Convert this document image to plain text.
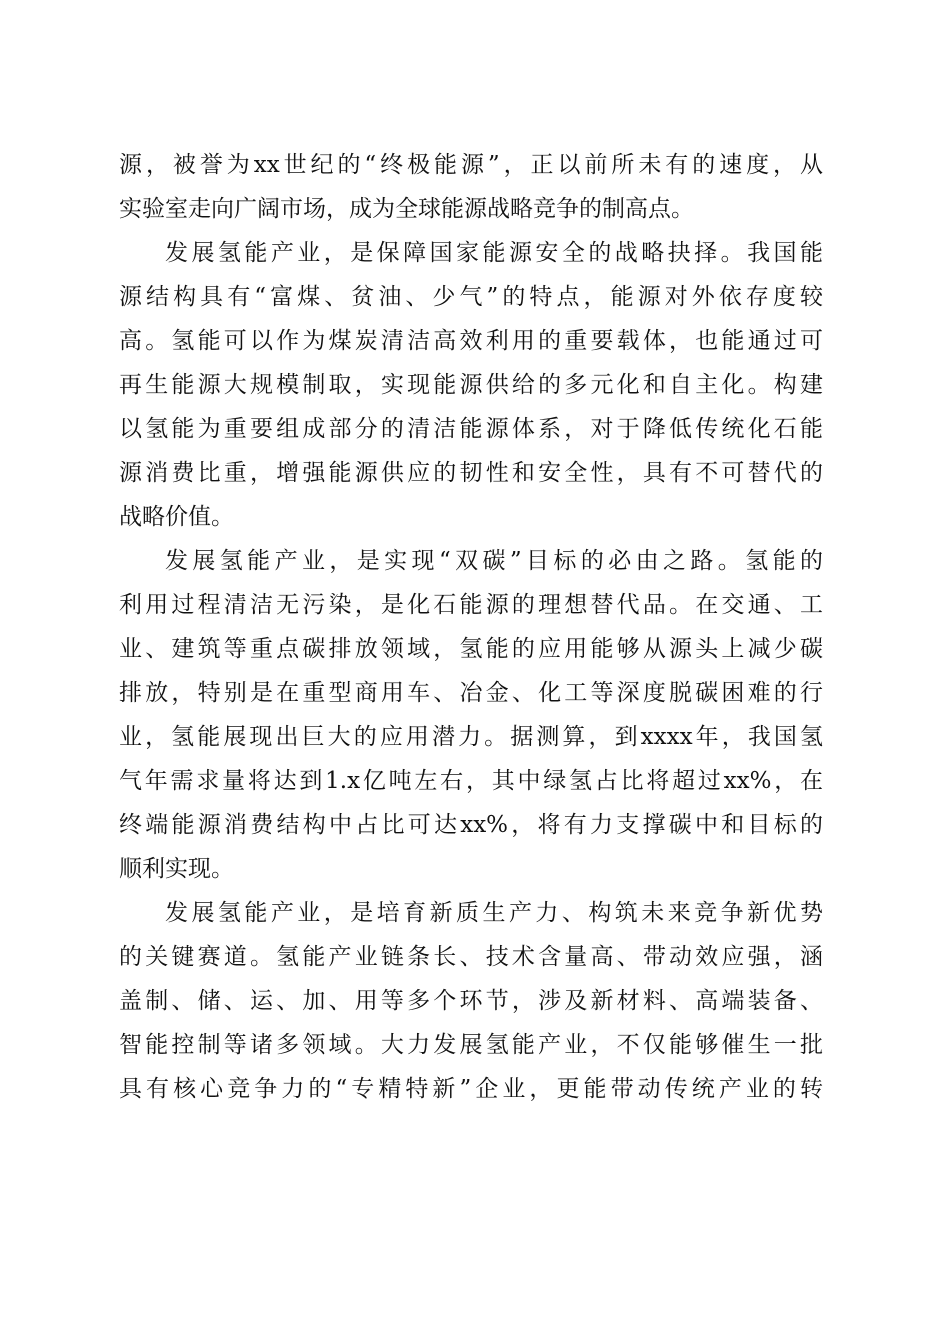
源，被誉为xx世纪的“终极能源”，正以前所未有的速度，从
实验室走向广阔市场，成为全球能源战略竞争的制高点。
发展氢能产业，是保障国家能源安全的战略抉择。我国能
源结构具有“富煤、贫油、少气”的特点，能源对外依存度较
高。氢能可以作为煤炭清洁高效利用的重要载体，也能通过可
再生能源大规模制取，实现能源供给的多元化和自主化。构建
以氢能为重要组成部分的清洁能源体系，对于降低传统化石能
源消费比重，增强能源供应的韧性和安全性，具有不可替代的
战略价值。
发展氢能产业，是实现“双碳”目标的必由之路。氢能的
利用过程清洁无污染，是化石能源的理想替代品。在交通、工
业、建筑等重点碳排放领域，氢能的应用能够从源头上减少碳
排放，特别是在重型商用车、冶金、化工等深度脱碳困难的行
业，氢能展现出巨大的应用潜力。据测算，到xxxx年，我国氢
气年需求量将达到1.x亿吨左右，其中绿氢占比将超过xx%，在
终端能源消费结构中占比可达xx%，将有力支撑碳中和目标的
顺利实现。
发展氢能产业，是培育新质生产力、构筑未来竞争新优势
的关键赛道。氢能产业链条长、技术含量高、带动效应强，涵
盖制、储、运、加、用等多个环节，涉及新材料、高端装备、
智能控制等诸多领域。大力发展氢能产业，不仅能够催生一批
具有核心竞争力的“专精特新”企业，更能带动传统产业的转
